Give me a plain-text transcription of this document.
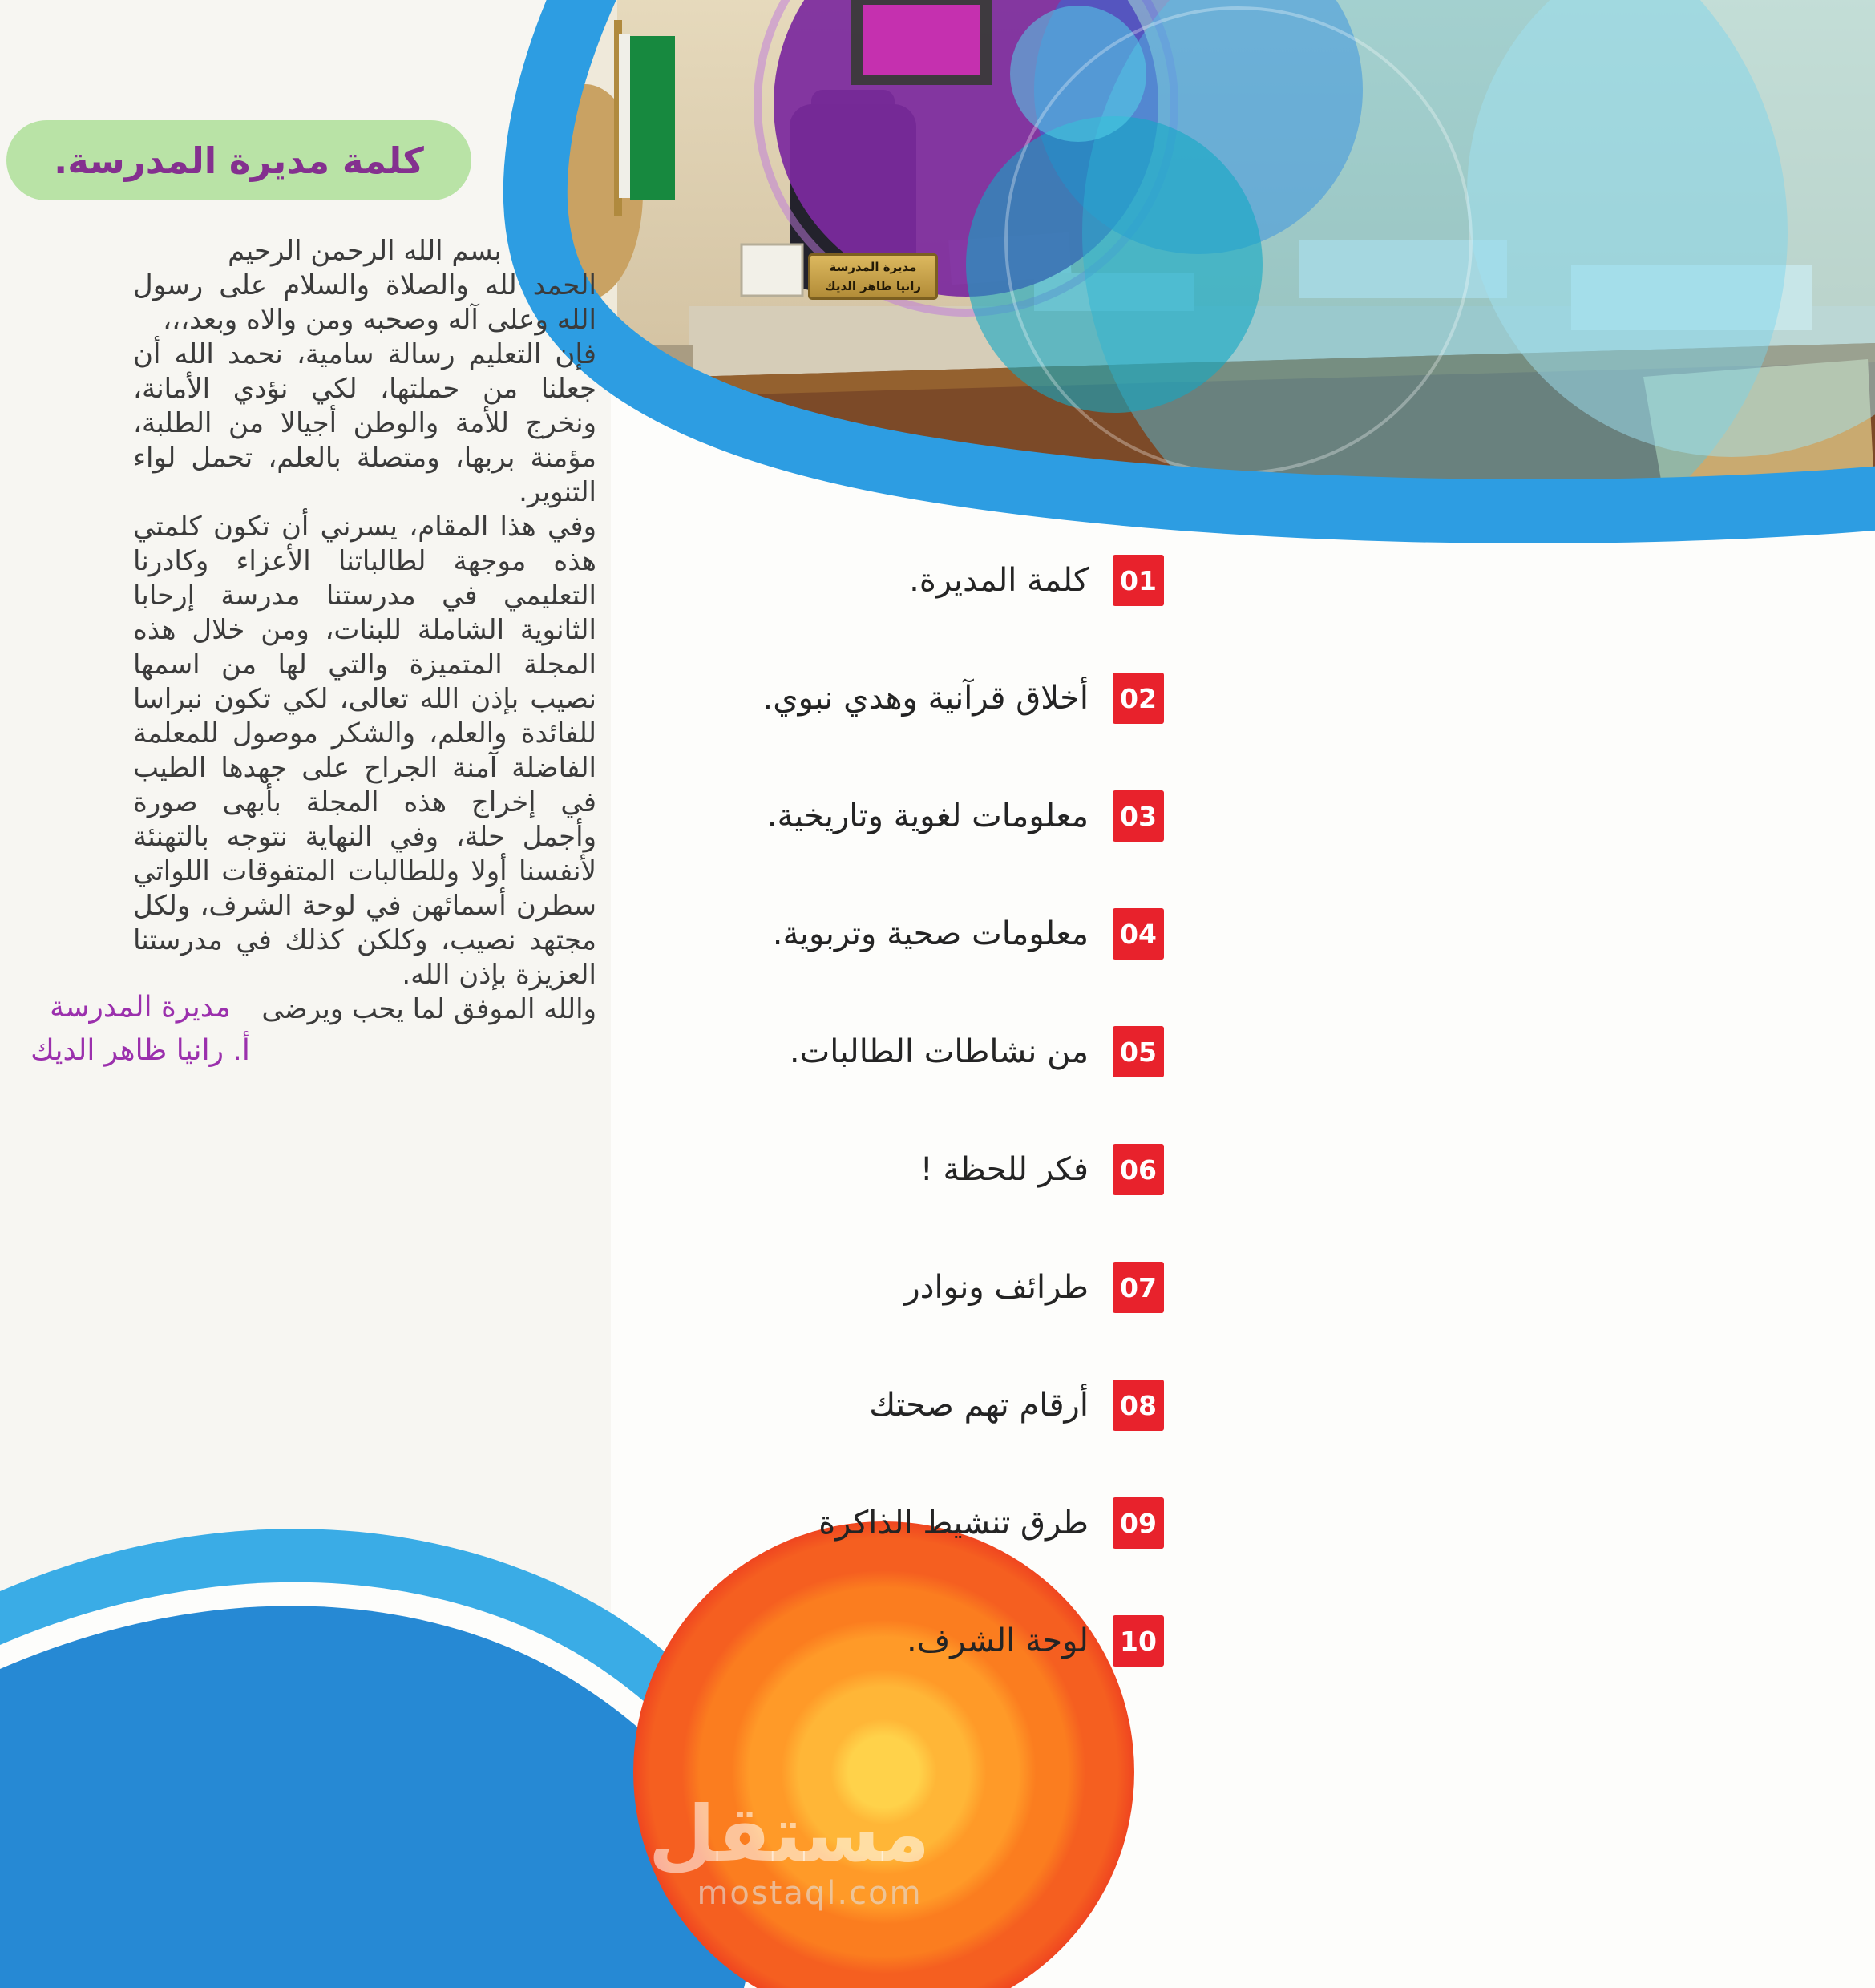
مديرة المدرسة
رانيا ظاهر الديك
كلمة مديرة المدرسة.

بسم الله الرحمن الرحيم

الحمد لله والصلاة والسلام على رسول الله وعلى آله وصحبه ومن والاه وبعد،،،

فإن التعليم رسالة سامية، نحمد الله أن جعلنا من حملتها، لكي نؤدي الأمانة، ونخرج للأمة والوطن أجيالا من الطلبة، مؤمنة بربها، ومتصلة بالعلم، تحمل لواء التنوير.

وفي هذا المقام، يسرني أن تكون كلمتي هذه موجهة لطالباتنا الأعزاء وكادرنا التعليمي في مدرستنا مدرسة إرحابا الثانوية الشاملة للبنات، ومن خلال هذه المجلة المتميزة والتي لها من اسمها نصيب بإذن الله تعالى، لكي تكون نبراسا للفائدة والعلم، والشكر موصول للمعلمة الفاضلة آمنة الجراح على جهدها الطيب في إخراج هذه المجلة بأبهى صورة وأجمل حلة، وفي النهاية نتوجه بالتهنئة لأنفسنا أولا وللطالبات المتفوقات اللواتي سطرن أسمائهن في لوحة الشرف، ولكل مجتهد نصيب، وكلكن كذلك في مدرستنا العزيزة بإذن الله.

والله الموفق لما يحب ويرضى

مديرة المدرسة
أ. رانيا ظاهر الديك
01
كلمة المديرة.
02
أخلاق قرآنية وهدي نبوي.
03
معلومات لغوية وتاريخية.
04
معلومات صحية وتربوية.
05
من نشاطات الطالبات.
06
فكر للحظة !
07
طرائف ونوادر
08
أرقام تهم صحتك
09
طرق تنشيط الذاكرة
10
لوحة الشرف.
مستقل
mostaql.com
